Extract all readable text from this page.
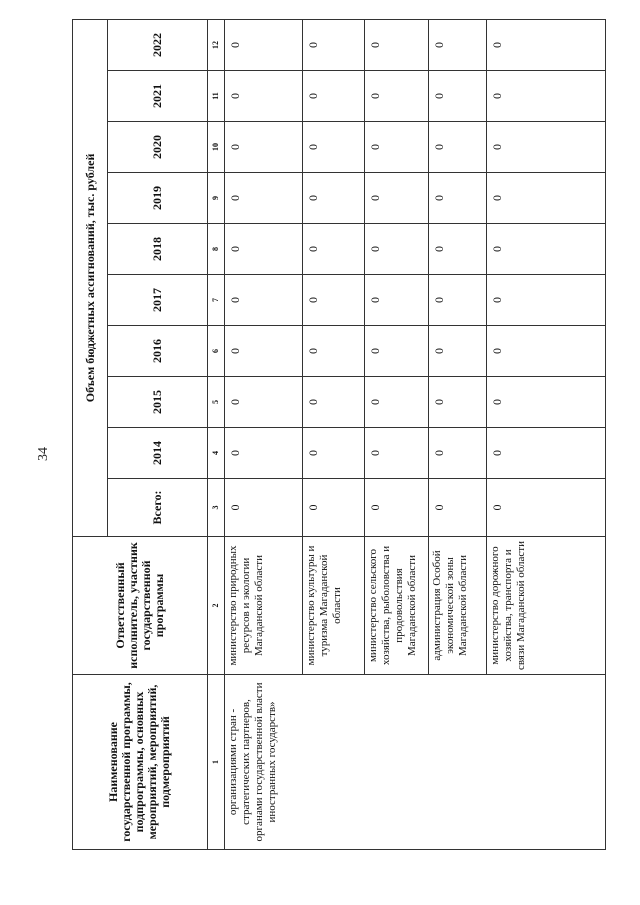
34
Наименование государственной программы, подпрограммы, основных мероприятий, мероприятий, подмероприятий	Ответственный исполнитель, участник государственной программы	Объем бюджетных ассигнований, тыс. рублей									
		Всего:	2014	2015	2016	2017	2018	2019	2020	2021	2022
1	2	3	4	5	6	7	8	9	10	11	12
организациями стран - стратегических партнеров, органами государственной власти иностранных государств»	министерство природных ресурсов и экологии Магаданской области	0	0	0	0	0	0	0	0	0	0
	министерство культуры и туризма Магаданской области	0	0	0	0	0	0	0	0	0	0
	министерство сельского хозяйства, рыболовства и продовольствия Магаданской области	0	0	0	0	0	0	0	0	0	0
	администрация Особой экономической зоны Магаданской области	0	0	0	0	0	0	0	0	0	0
	министерство дорожного хозяйства, транспорта и связи Магаданской области	0	0	0	0	0	0	0	0	0	0
